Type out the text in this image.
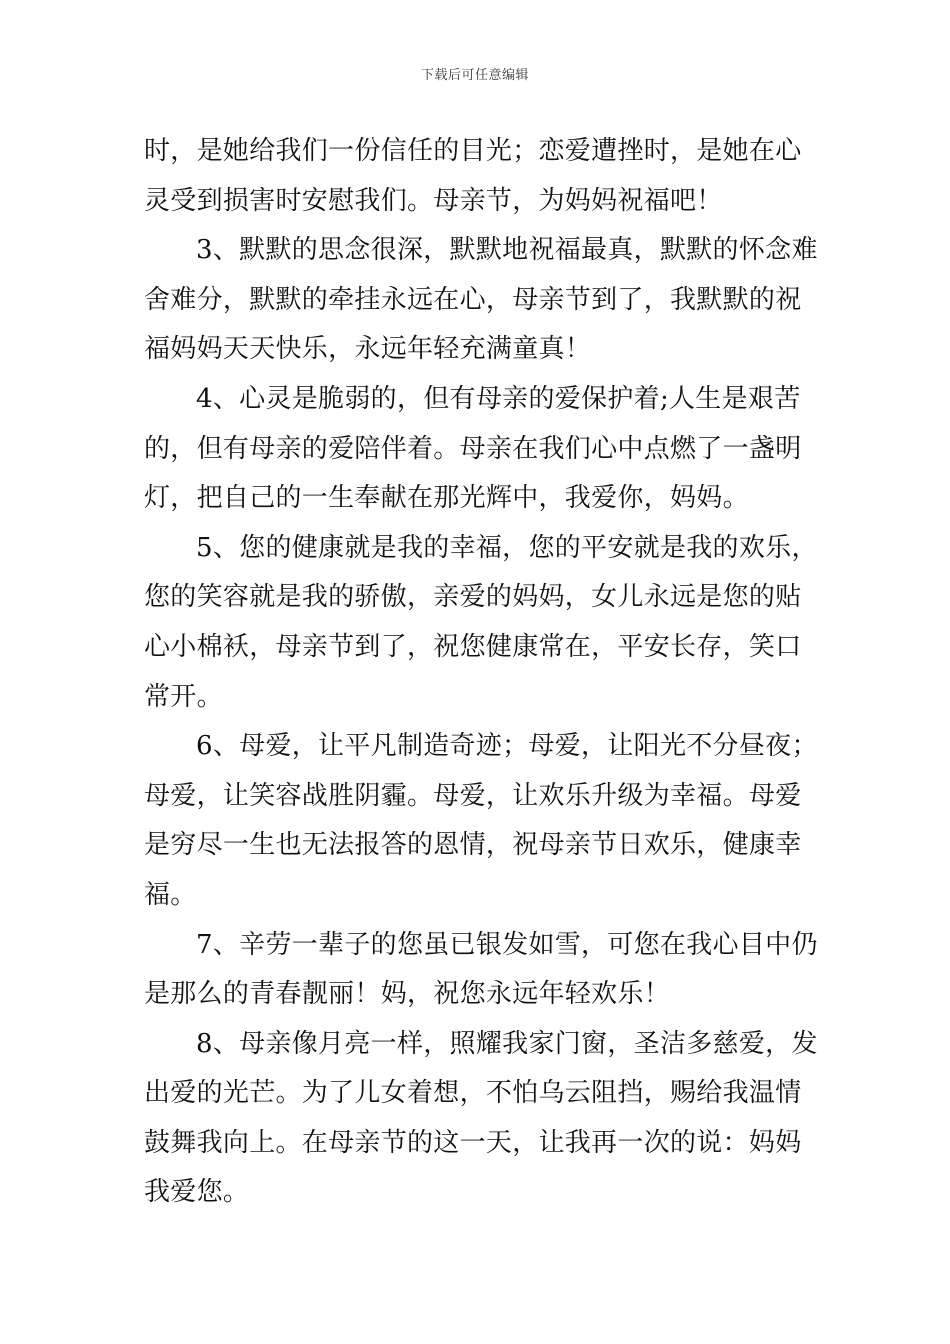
下载后可任意编辑
时，是她给我们一份信任的目光；恋爱遭挫时，是她在心
灵受到损害时安慰我们。母亲节，为妈妈祝福吧！
3、默默的思念很深，默默地祝福最真，默默的怀念难
舍难分，默默的牵挂永远在心，母亲节到了，我默默的祝
福妈妈天天快乐，永远年轻充满童真！
4、心灵是脆弱的，但有母亲的爱保护着;人生是艰苦
的，但有母亲的爱陪伴着。母亲在我们心中点燃了一盏明
灯，把自己的一生奉献在那光辉中，我爱你，妈妈。
5、您的健康就是我的幸福，您的平安就是我的欢乐，
您的笑容就是我的骄傲，亲爱的妈妈，女儿永远是您的贴
心小棉袄，母亲节到了，祝您健康常在，平安长存，笑口
常开。
6、母爱，让平凡制造奇迹；母爱，让阳光不分昼夜；
母爱，让笑容战胜阴霾。母爱，让欢乐升级为幸福。母爱
是穷尽一生也无法报答的恩情，祝母亲节日欢乐，健康幸
福。
7、辛劳一辈子的您虽已银发如雪，可您在我心目中仍
是那么的青春靓丽！妈，祝您永远年轻欢乐！
8、母亲像月亮一样，照耀我家门窗，圣洁多慈爱，发
出爱的光芒。为了儿女着想，不怕乌云阻挡，赐给我温情
鼓舞我向上。在母亲节的这一天，让我再一次的说：妈妈
我爱您。
